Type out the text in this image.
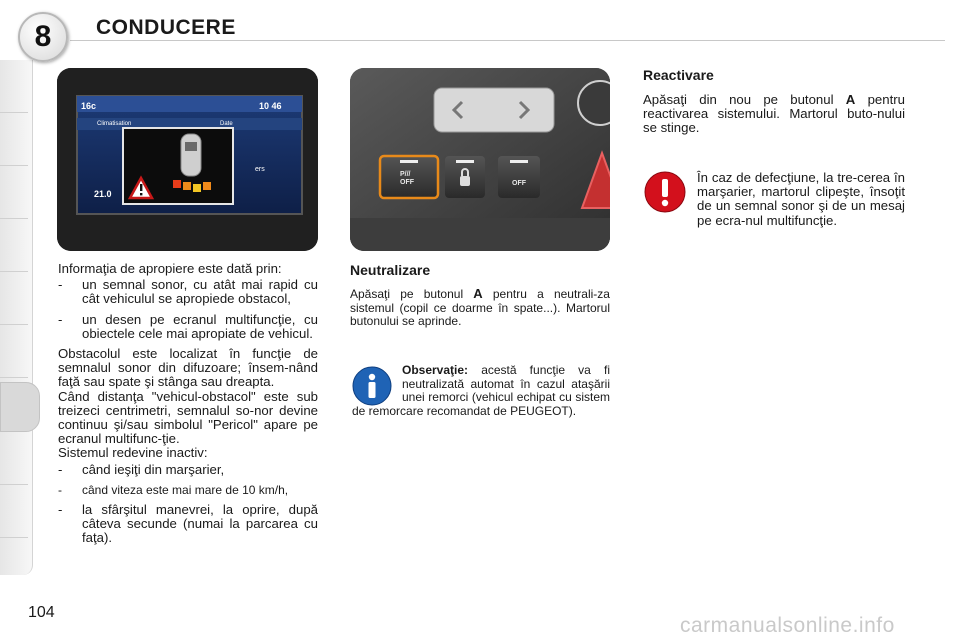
8	CONDUCERE
16c	10 46
Climatisation	Date
ers
21.0
P///
OFF	OFF

Informaţia de apropiere este dată prin:

- un semnal sonor, cu atât mai rapid cu cât vehiculul se apropiede obstacol,
- un desen pe ecranul multifuncţie, cu obiectele cele mai apropiate de vehicul.

Obstacolul este localizat în funcţie de semnalul sonor din difuzoare; însem-nând faţă sau spate şi stânga sau dreapta.

Când distanţa "vehicul-obstacol" este sub treizeci centrimetri, semnalul so-nor devine continuu şi/sau simbolul "Pericol" apare pe ecranul multifunc-ţie.

Sistemul redevine inactiv:

- când ieşiţi din marşarier,
- când viteza este mai mare de 10 km/h,
- la sfârşitul manevrei, la oprire, după câteva secunde (numai la parcarea cu faţa).
Neutralizare
Apăsaţi pe butonul A pentru a neutrali-za sistemul (copil ce doarme în spate...). Martorul butonului se aprinde.
Observaţie: acestă funcţie va fi neutralizată automat în cazul ataşării unei remorci (vehicul echipat cu sistem de remorcare recomandat de PEUGEOT).
Reactivare
Apăsaţi din nou pe butonul A pentru reactivarea sistemului. Martorul buto-nului se stinge.
În caz de defecţiune, la tre-cerea în marşarier, martorul clipeşte, însoţit de un semnal sonor şi de un mesaj pe ecra-nul multifuncţie.
104
carmanualsonline.info
